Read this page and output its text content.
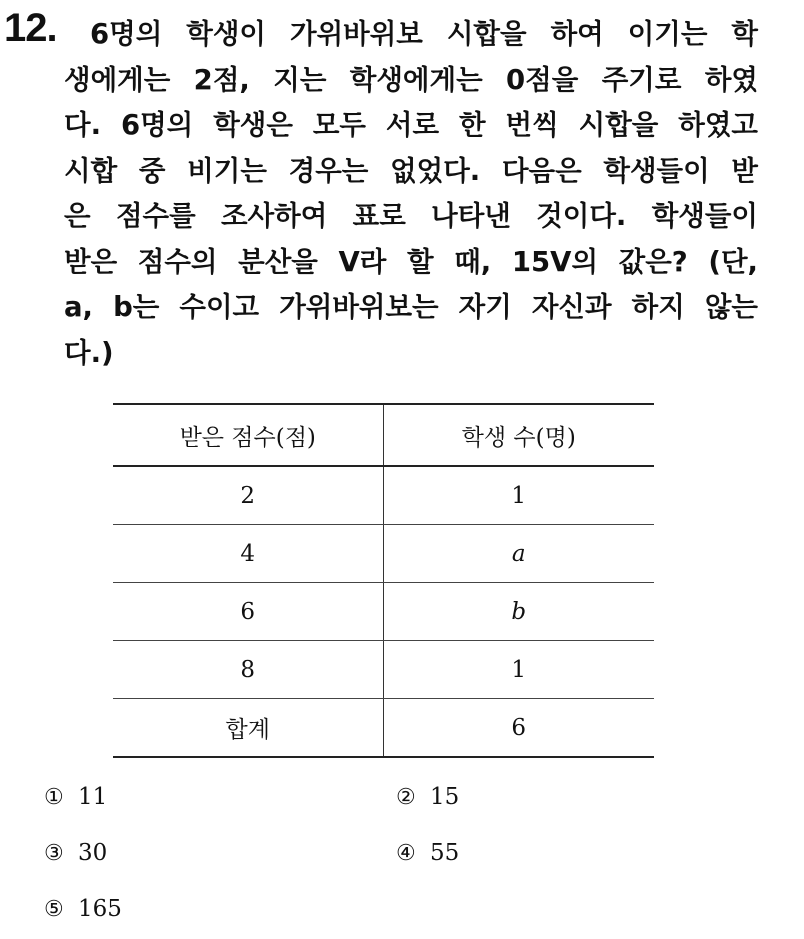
12.	6명의 학생이 가위바위보 시합을 하여 이기는 학
생에게는 2점, 지는 학생에게는 0점을 주기로 하였
다. 6명의 학생은 모두 서로 한 번씩 시합을 하였고
시합 중 비기는 경우는 없었다. 다음은 학생들이 받
은 점수를 조사하여 표로 나타낸 것이다. 학생들이
받은 점수의 분산을 V라 할 때, 15V의 값은? (단,
a, b는 수이고 가위바위보는 자기 자신과 하지 않는
다.)
받은 점수(점)	학생 수(명)
2	1
4	a
6	b
8	1
합계	6
① 11	② 15
③ 30	④ 55
⑤ 165
